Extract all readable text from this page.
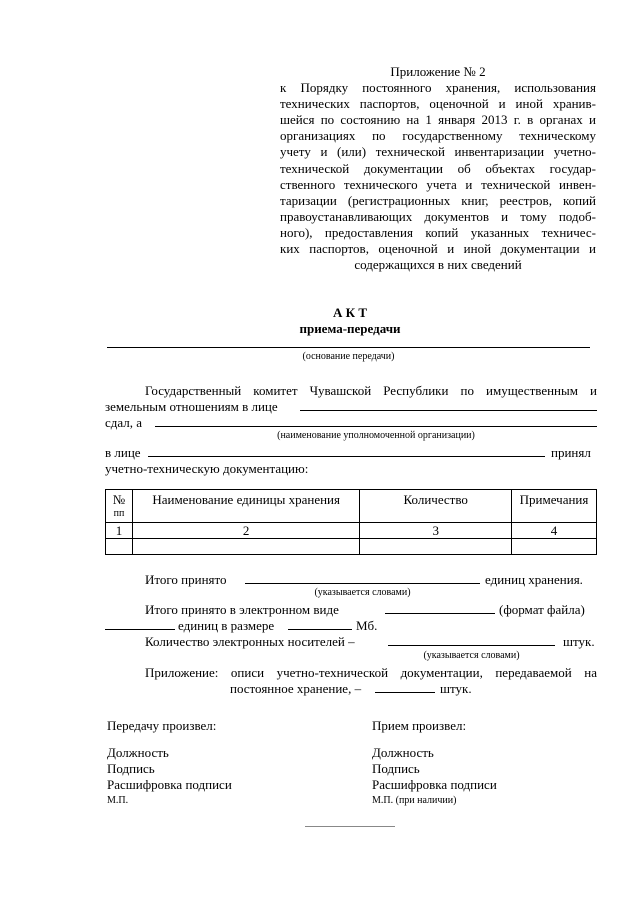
Приложение № 2
к Порядку постоянного хранения, использования
технических паспортов, оценочной и иной хранив-
шейся по состоянию на 1 января 2013 г. в органах и
организациях по государственному техническому
учету и (или) технической инвентаризации учетно-
технической документации об объектах государ-
ственного технического учета и технической инвен-
таризации (регистрационных книг, реестров, копий
правоустанавливающих документов и тому подоб-
ного), предоставления копий указанных техничес-
ких паспортов, оценочной и иной документации и
содержащихся в них сведений
А К Т
приема-передачи
(основание передачи)
Государственный комитет Чувашской Республики по имущественным и
земельным отношениям в лице
сдал, а
(наименование уполномоченной организации)
в лице	принял
учетно-техническую документацию:
№
пп	Наименование единицы хранения	Количество	Примечания
1	2	3	4

Итого принято	единиц хранения.
(указывается словами)
Итого принято в электронном виде	(формат файла)
единиц в размере	Мб.
Количество электронных носителей –	штук.
(указывается словами)
Приложение: описи учетно-технической документации, передаваемой на
постоянное хранение, –	штук.
Передачу произвел:
Должность
Подпись
Расшифровка подписи
М.П.
Прием произвел:
Должность
Подпись
Расшифровка подписи
М.П. (при наличии)
